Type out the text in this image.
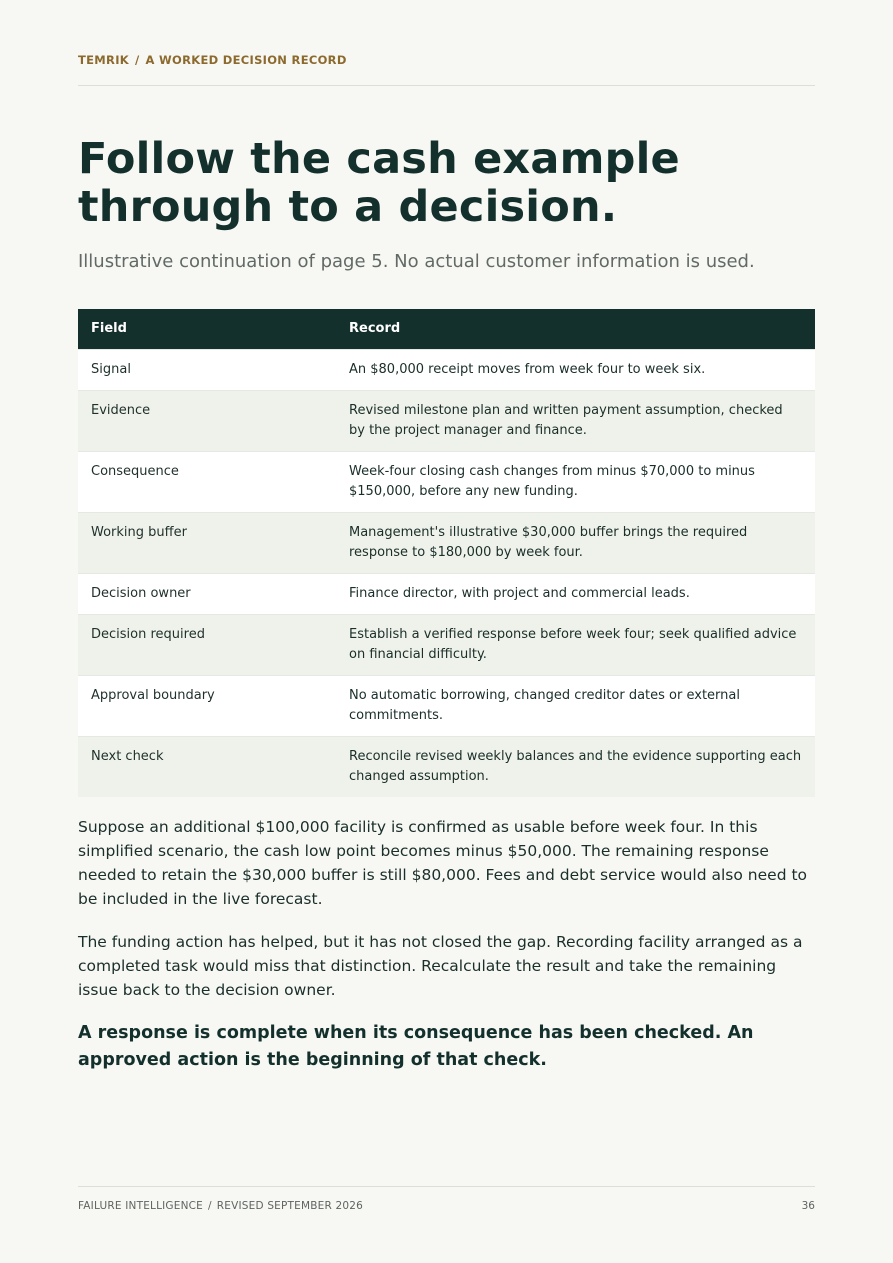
TEMRIK / A WORKED DECISION RECORD
Follow the cash example through to a decision.
Illustrative continuation of page 5. No actual customer information is used.
Field	Record
Signal	An $80,000 receipt moves from week four to week six.
Evidence	Revised milestone plan and written payment assumption, checked by the project manager and finance.
Consequence	Week-four closing cash changes from minus $70,000 to minus $150,000, before any new funding.
Working buffer	Management's illustrative $30,000 buffer brings the required response to $180,000 by week four.
Decision owner	Finance director, with project and commercial leads.
Decision required	Establish a verified response before week four; seek qualified advice on financial difficulty.
Approval boundary	No automatic borrowing, changed creditor dates or external commitments.
Next check	Reconcile revised weekly balances and the evidence supporting each changed assumption.

Suppose an additional $100,000 facility is confirmed as usable before week four. In this simplified scenario, the cash low point becomes minus $50,000. The remaining response needed to retain the $30,000 buffer is still $80,000. Fees and debt service would also need to be included in the live forecast.

The funding action has helped, but it has not closed the gap. Recording facility arranged as a completed task would miss that distinction. Recalculate the result and take the remaining issue back to the decision owner.

A response is complete when its consequence has been checked. An approved action is the beginning of that check.

FAILURE INTELLIGENCE / REVISED SEPTEMBER 2026	36
